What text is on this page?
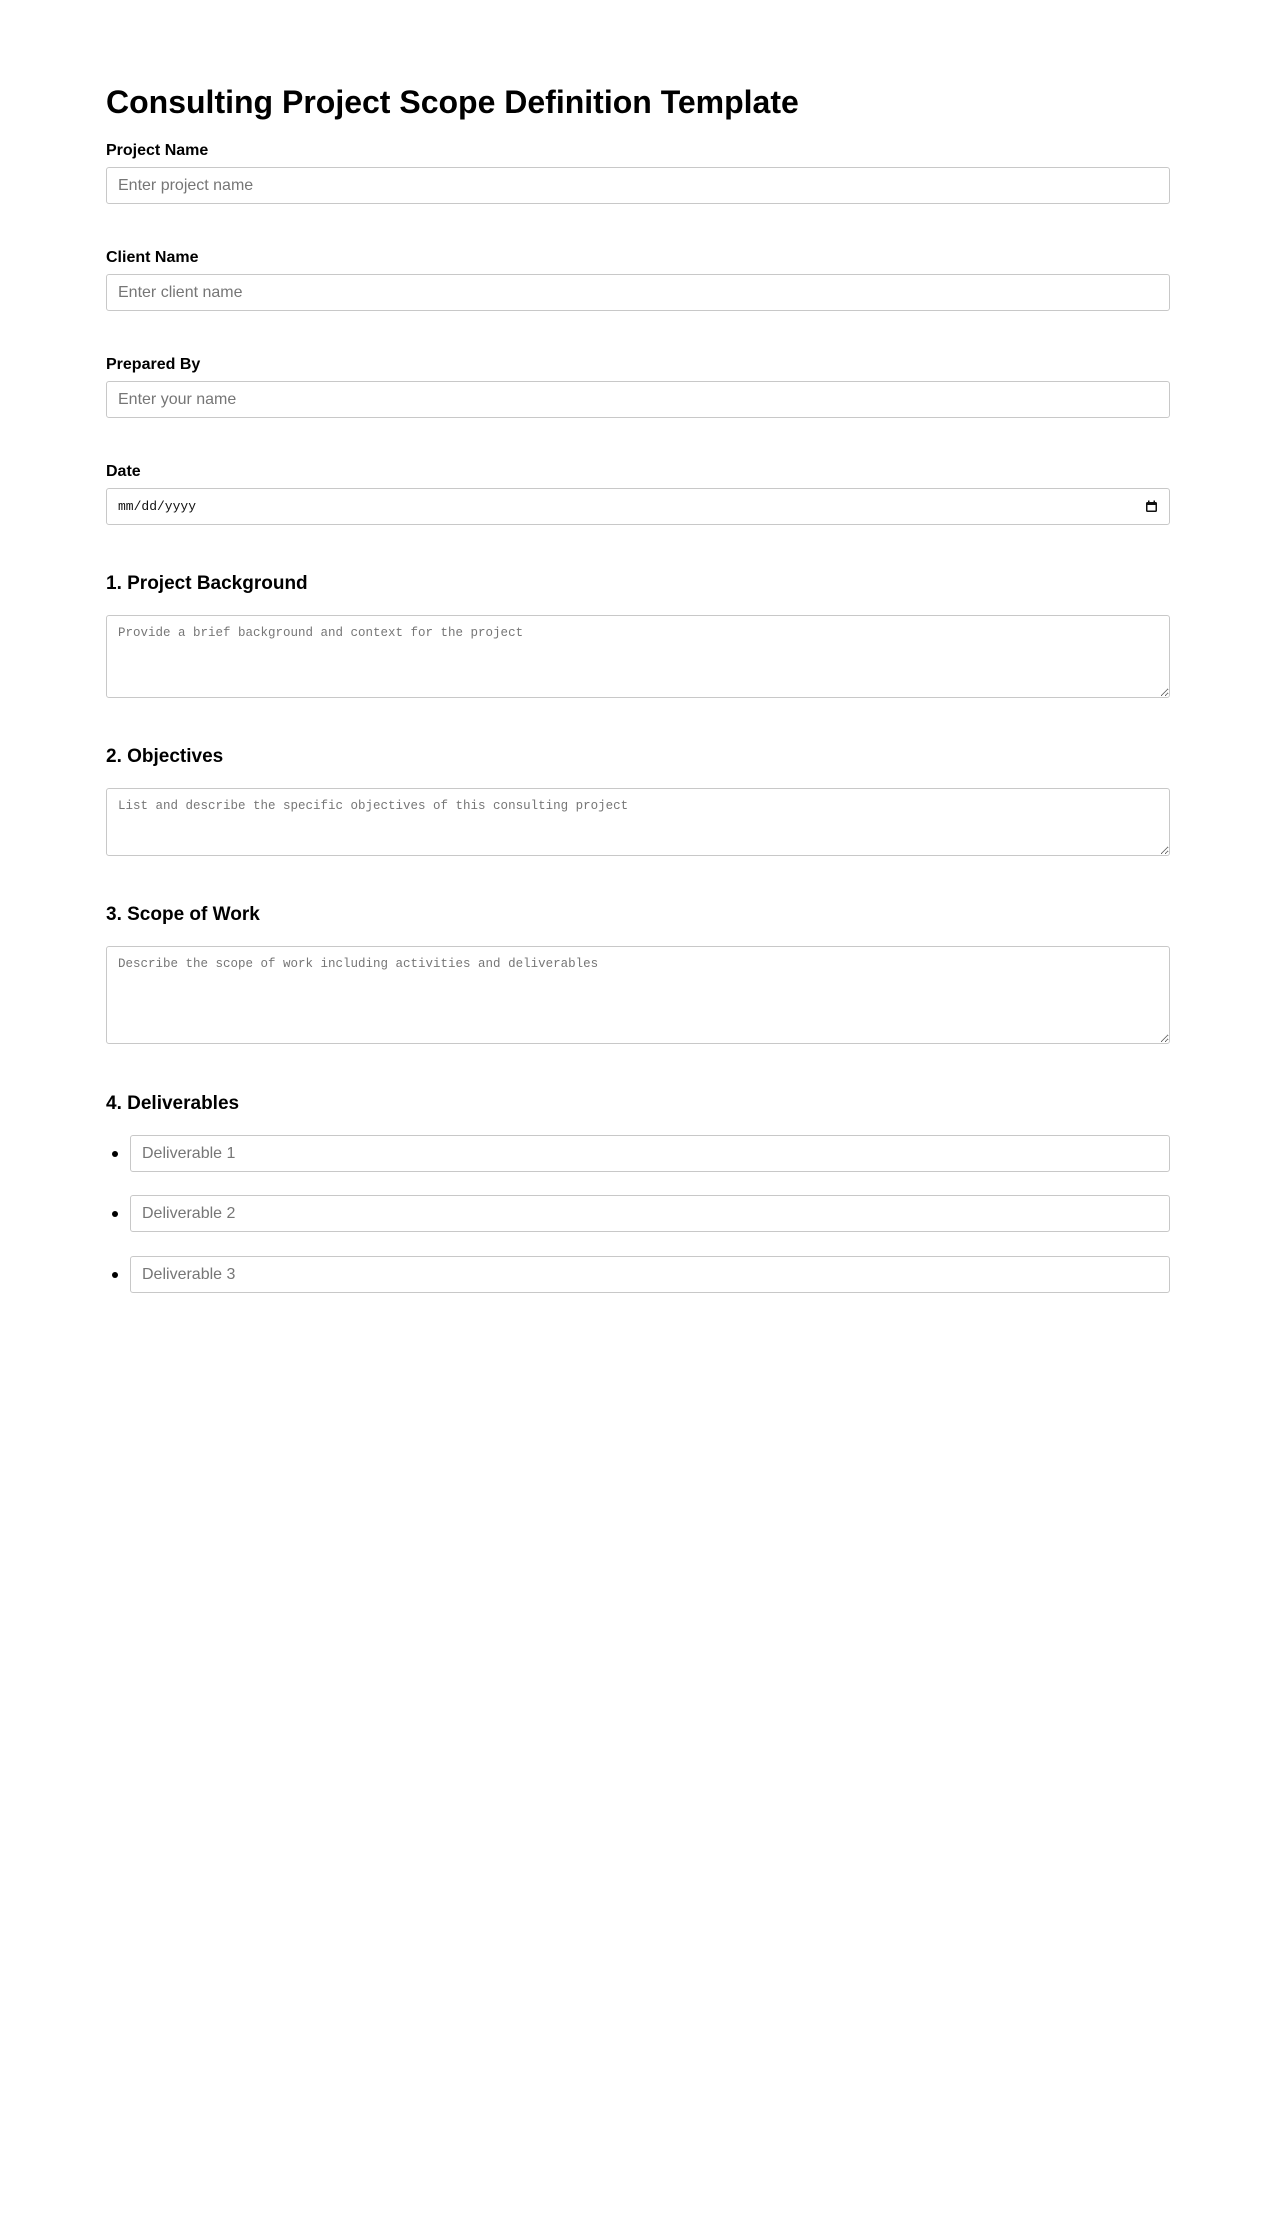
Consulting Project Scope Definition Template
Project Name
Enter project name
Client Name
Enter client name
Prepared By
Enter your name
Date
mm/dd/yyyy
1. Project Background
Provide a brief background and context for the project
2. Objectives
List and describe the specific objectives of this consulting project
3. Scope of Work
Describe the scope of work including activities and deliverables
4. Deliverables
Deliverable 1
Deliverable 2
Deliverable 3
